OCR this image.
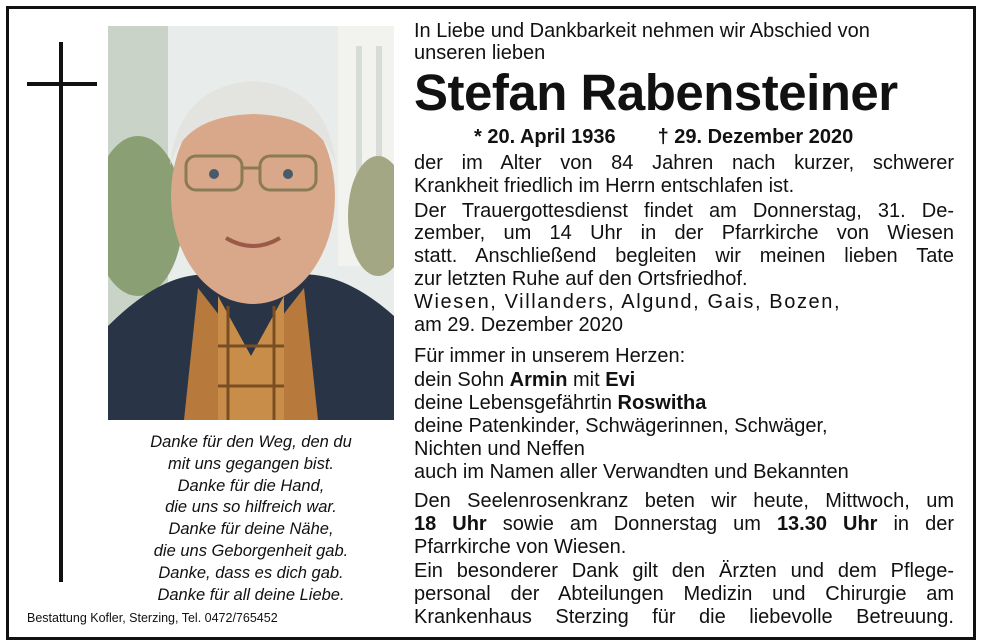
Danke für den Weg, den du
mit uns gegangen bist.
Danke für die Hand,
die uns so hilfreich war.
Danke für deine Nähe,
die uns Geborgenheit gab.
Danke, dass es dich gab.
Danke für all deine Liebe.
Bestattung Kofler, Sterzing, Tel. 0472/765452
In Liebe und Dankbarkeit nehmen wir Abschied von
unseren lieben
Stefan Rabensteiner
* 20. April 1936 † 29. Dezember 2020
der im Alter von 84 Jahren nach kurzer, schwerer
Krankheit friedlich im Herrn entschlafen ist.
Der Trauergottesdienst findet am Donnerstag, 31. De-
zember, um 14 Uhr in der Pfarrkirche von Wiesen
statt. Anschließend begleiten wir meinen lieben Tate
zur letzten Ruhe auf den Ortsfriedhof.
Wiesen, Villanders, Algund, Gais, Bozen,
am 29. Dezember 2020
Für immer in unserem Herzen:
dein Sohn Armin mit Evi
deine Lebensgefährtin Roswitha
deine Patenkinder, Schwägerinnen, Schwäger,
Nichten und Neffen
auch im Namen aller Verwandten und Bekannten
Den Seelenrosenkranz beten wir heute, Mittwoch, um
18 Uhr sowie am Donnerstag um 13.30 Uhr in der
Pfarrkirche von Wiesen.
Ein besonderer Dank gilt den Ärzten und dem Pflege-
personal der Abteilungen Medizin und Chirurgie am
Krankenhaus Sterzing für die liebevolle Betreuung.
